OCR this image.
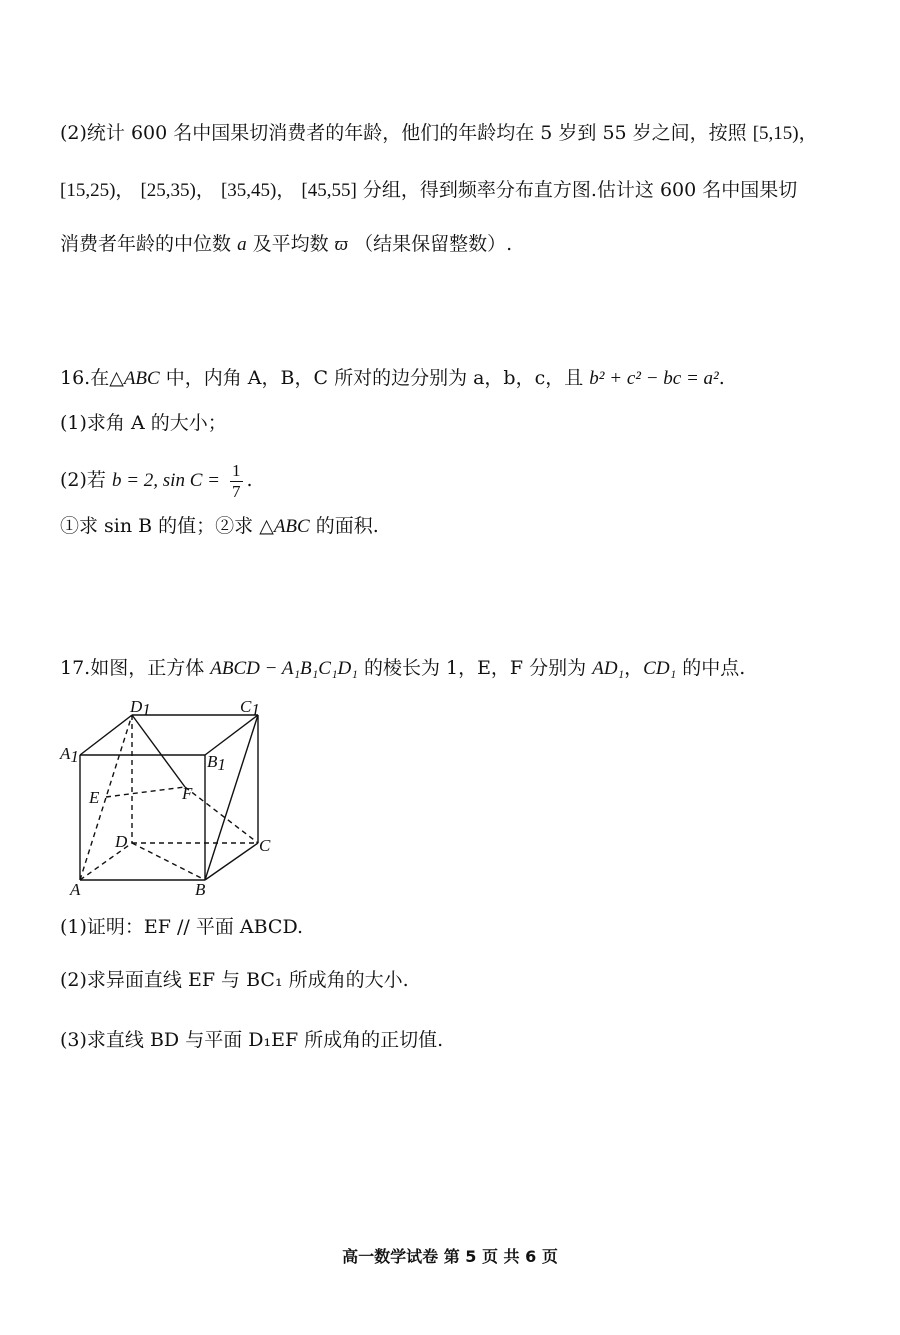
(2)统计 600 名中国果切消费者的年龄，他们的年龄均在 5 岁到 55 岁之间，按照 [5,15)，
[15,25)， [25,35)， [35,45)， [45,55] 分组，得到频率分布直方图.估计这 600 名中国果切
消费者年龄的中位数 a 及平均数 ϖ （结果保留整数）.
16.在△ABC 中，内角 A，B，C 所对的边分别为 a，b，c，且 b² + c² − bc = a².
(1)求角 A 的大小；
(2)若 b = 2, $\sin C = \frac{1}{7}$ .
①求 sin B 的值；②求 △ABC 的面积.
17.如图，正方体 ABCD − A₁B₁C₁D₁ 的棱长为 1，E，F 分别为 AD₁，CD₁ 的中点.
D1	C1
A1	B1
E	F
D	C
A	B
(1)证明：EF // 平面 ABCD.
(2)求异面直线 EF 与 BC₁ 所成角的大小.
(3)求直线 BD 与平面 D₁EF 所成角的正切值.
高一数学试卷 第 5 页 共 6 页
